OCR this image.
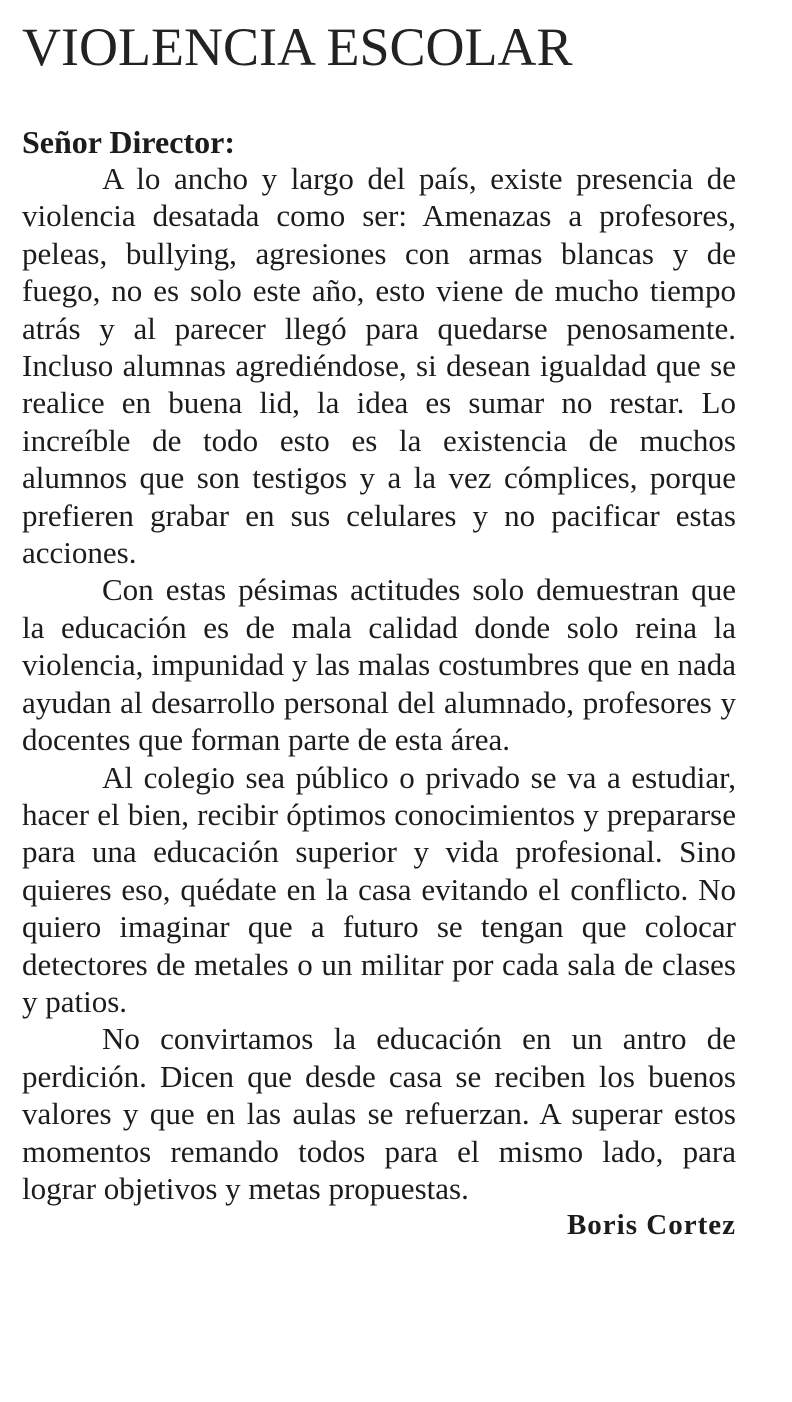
VIOLENCIA ESCOLAR

Señor Director:

A lo ancho y largo del país, existe presencia de violencia desatada como ser: Amenazas a profesores, peleas, bullying, agresiones con armas blancas y de fuego, no es solo este año, esto viene de mucho tiempo atrás y al parecer llegó para quedarse penosamente. Incluso alumnas agrediéndose, si desean igualdad que se realice en buena lid, la idea es sumar no restar. Lo increíble de todo esto es la existencia de muchos alumnos que son testigos y a la vez cómplices, porque prefieren grabar en sus celulares y no pacificar estas acciones.

Con estas pésimas actitudes solo demuestran que la educación es de mala calidad donde solo reina la violencia, impunidad y las malas costumbres que en nada ayudan al desarrollo personal del alumnado, profesores y docentes que forman parte de esta área.

Al colegio sea público o privado se va a estudiar, hacer el bien, recibir óptimos conocimientos y prepararse para una educación superior y vida profesional. Sino quieres eso, quédate en la casa evitando el conflicto. No quiero imaginar que a futuro se tengan que colocar detectores de metales o un militar por cada sala de clases y patios.

No convirtamos la educación en un antro de perdición. Dicen que desde casa se reciben los buenos valores y que en las aulas se refuerzan. A superar estos momentos remando todos para el mismo lado, para lograr objetivos y metas propuestas.

Boris Cortez
